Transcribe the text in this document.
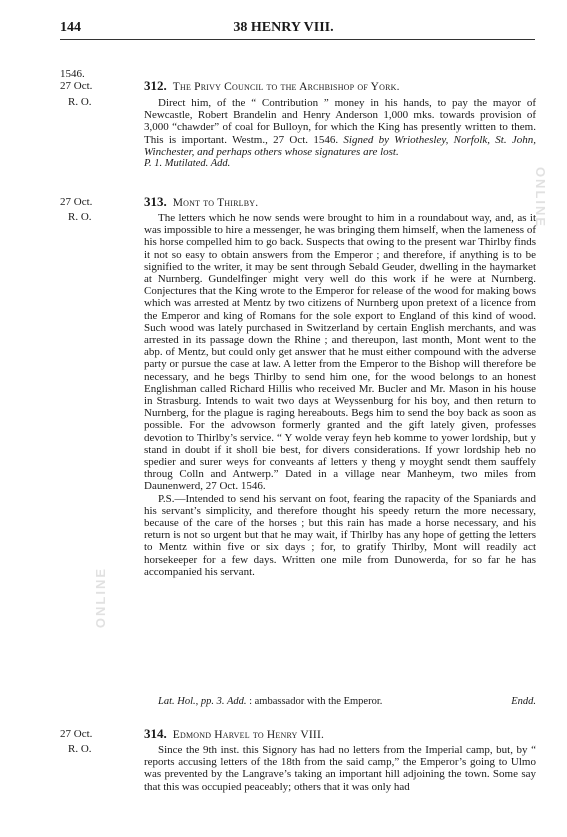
144	38 HENRY VIII.
ONLINE
ONLINE
1546.
27 Oct.
R. O.
312. The Privy Council to the Archbishop of York.

Direct him, of the “ Contribution ” money in his hands, to pay the mayor of Newcastle, Robert Brandelin and Henry Anderson 1,000 mks. towards provision of 3,000 “chawder” of coal for Bulloyn, for which the King has presently written to them. This is important. Westm., 27 Oct. 1546. Signed by Wriothesley, Norfolk, St. John, Winchester, and perhaps others whose signatures are lost.

P. 1. Mutilated. Add.
27 Oct.
R. O.
313. Mont to Thirlby.

The letters which he now sends were brought to him in a roundabout way, and, as it was impossible to hire a messenger, he was bringing them himself, when the lameness of his horse compelled him to go back. Suspects that owing to the present war Thirlby finds it not so easy to obtain answers from the Emperor ; and therefore, if anything is to be signified to the writer, it may be sent through Sebald Geuder, dwelling in the haymarket at Nurnberg. Gundelfinger might very well do this work if he were at Nurnberg. Conjectures that the King wrote to the Emperor for release of the wood for making bows which was arrested at Mentz by two citizens of Nurnberg upon pretext of a licence from the Emperor and king of Romans for the sole export to England of this kind of wood. Such wood was lately purchased in Switzerland by certain English merchants, and was arrested in its passage down the Rhine ; and thereupon, last month, Mont went to the abp. of Mentz, but could only get answer that he must either compound with the adverse party or pursue the case at law. A letter from the Emperor to the Bishop will therefore be necessary, and he begs Thirlby to send him one, for the wood belongs to an honest Englishman called Richard Hillis who received Mr. Bucler and Mr. Mason in his house in Strasburg. Intends to wait two days at Weyssenburg for his boy, and then return to Nurnberg, for the plague is raging hereabouts. Begs him to send the boy back as soon as possible. For the advowson formerly granted and the gift lately given, professes devotion to Thirlby’s service. “ Y wolde veray feyn heb komme to yower lordship, but y stand in doubt if it sholl bie best, for divers considerations. If yowr lordship heb no spedier and surer weys for conveants af letters y theng y moyght sendt them sauffely throug Colln and Antwerp.” Dated in a village near Manheym, two miles from Daunenwerd, 27 Oct. 1546.

P.S.—Intended to send his servant on foot, fearing the rapacity of the Spaniards and his servant’s simplicity, and therefore thought his speedy return the more necessary, because of the care of the horses ; but this rain has made a horse necessary, and his return is not so urgent but that he may wait, if Thirlby has any hope of getting the letters to Mentz within five or six days ; for, to gratify Thirlby, Mont will readily act horsekeeper for a few days. Written one mile from Dunowerda, for so far he has accompanied his servant.

Lat. Hol., pp. 3. Add. : ambassador with the Emperor.	Endd.
27 Oct.
R. O.
314. Edmond Harvel to Henry VIII.

Since the 9th inst. this Signory has had no letters from the Imperial camp, but, by “ reports accusing letters of the 18th from the said camp,” the Emperor’s going to Ulmo was prevented by the Langrave’s taking an important hill adjoining the town. Some say that this was occupied peaceably; others that it was only had
